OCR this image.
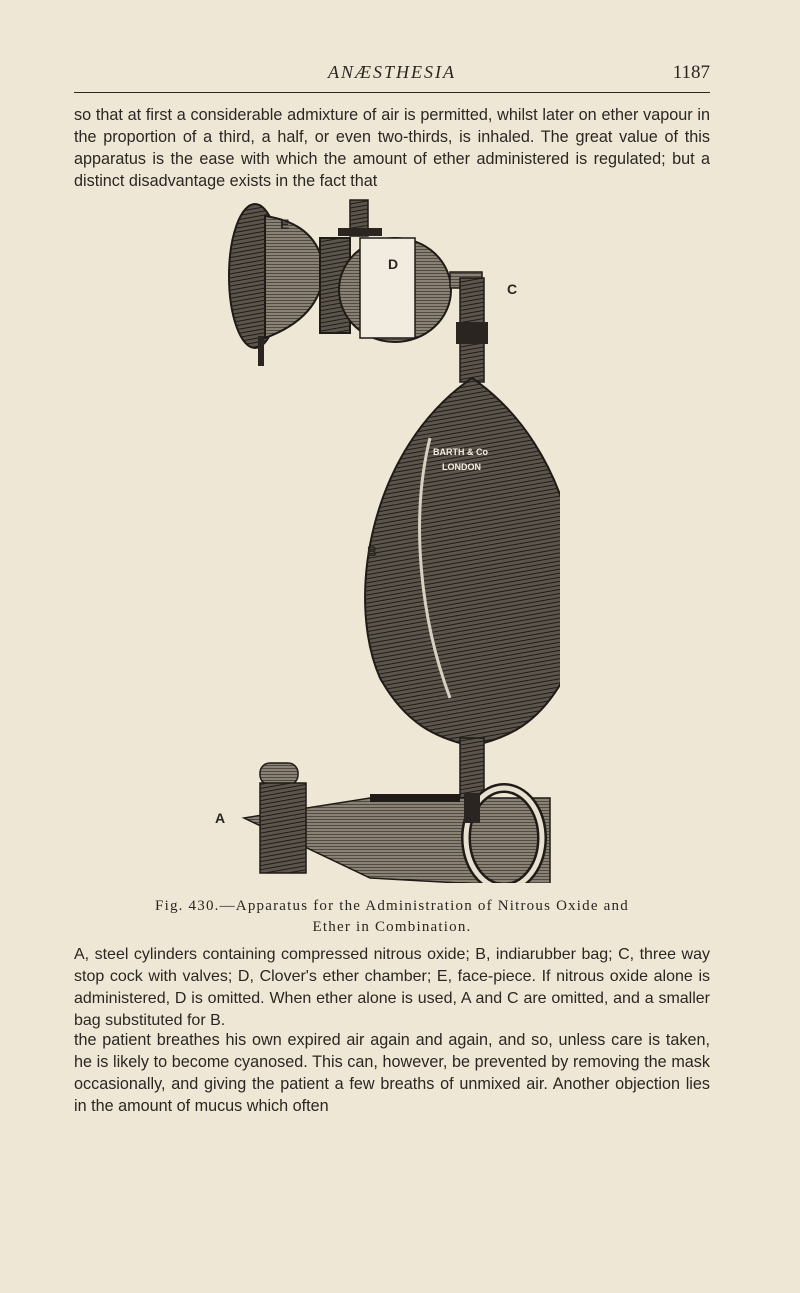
ANÆSTHESIA	1187

so that at first a considerable admixture of air is permitted, whilst later on ether vapour in the proportion of a third, a half, or even two-thirds, is inhaled. The great value of this apparatus is the ease with which the amount of ether administered is regulated; but a distinct disadvantage exists in the fact that

BARTH & Co
LONDON
E
D
C
B
A

Fig. 430.—Apparatus for the Administration of Nitrous Oxide and
Ether in Combination.

A, steel cylinders containing compressed nitrous oxide; B, indiarubber bag; C, three way stop cock with valves; D, Clover's ether chamber; E, face-piece. If nitrous oxide alone is administered, D is omitted. When ether alone is used, A and C are omitted, and a smaller bag substituted for B.

the patient breathes his own expired air again and again, and so, unless care is taken, he is likely to become cyanosed. This can, however, be prevented by removing the mask occasionally, and giving the patient a few breaths of unmixed air. Another objection lies in the amount of mucus which often
